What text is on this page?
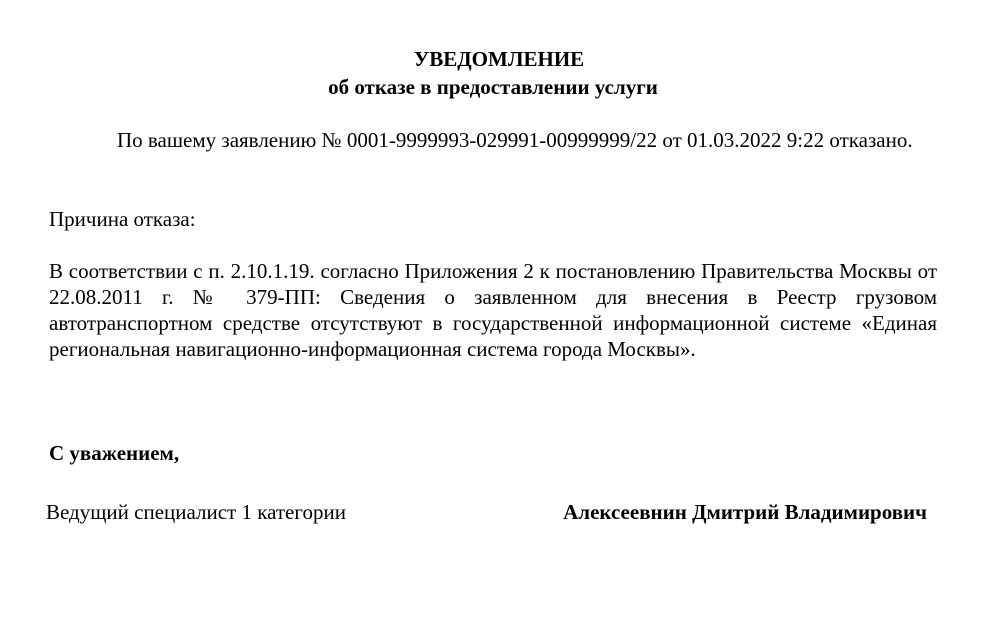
УВЕДОМЛЕНИЕ

об отказе в предоставлении услуги

По вашему заявлению № 0001-9999993-029991-00999999/22 от 01.03.2022 9:22 отказано.

Причина отказа:

В соответствии с п. 2.10.1.19. согласно Приложения 2 к постановлению Правительства Москвы от 22.08.2011 г. № 379-ПП: Сведения о заявленном для внесения в Реестр грузовом автотранспортном средстве отсутствуют в государственной информационной системе «Единая региональная навигационно-информационная система города Москвы».

С уважением,

Ведущий специалист 1 категории	Алексеевнин Дмитрий Владимирович
